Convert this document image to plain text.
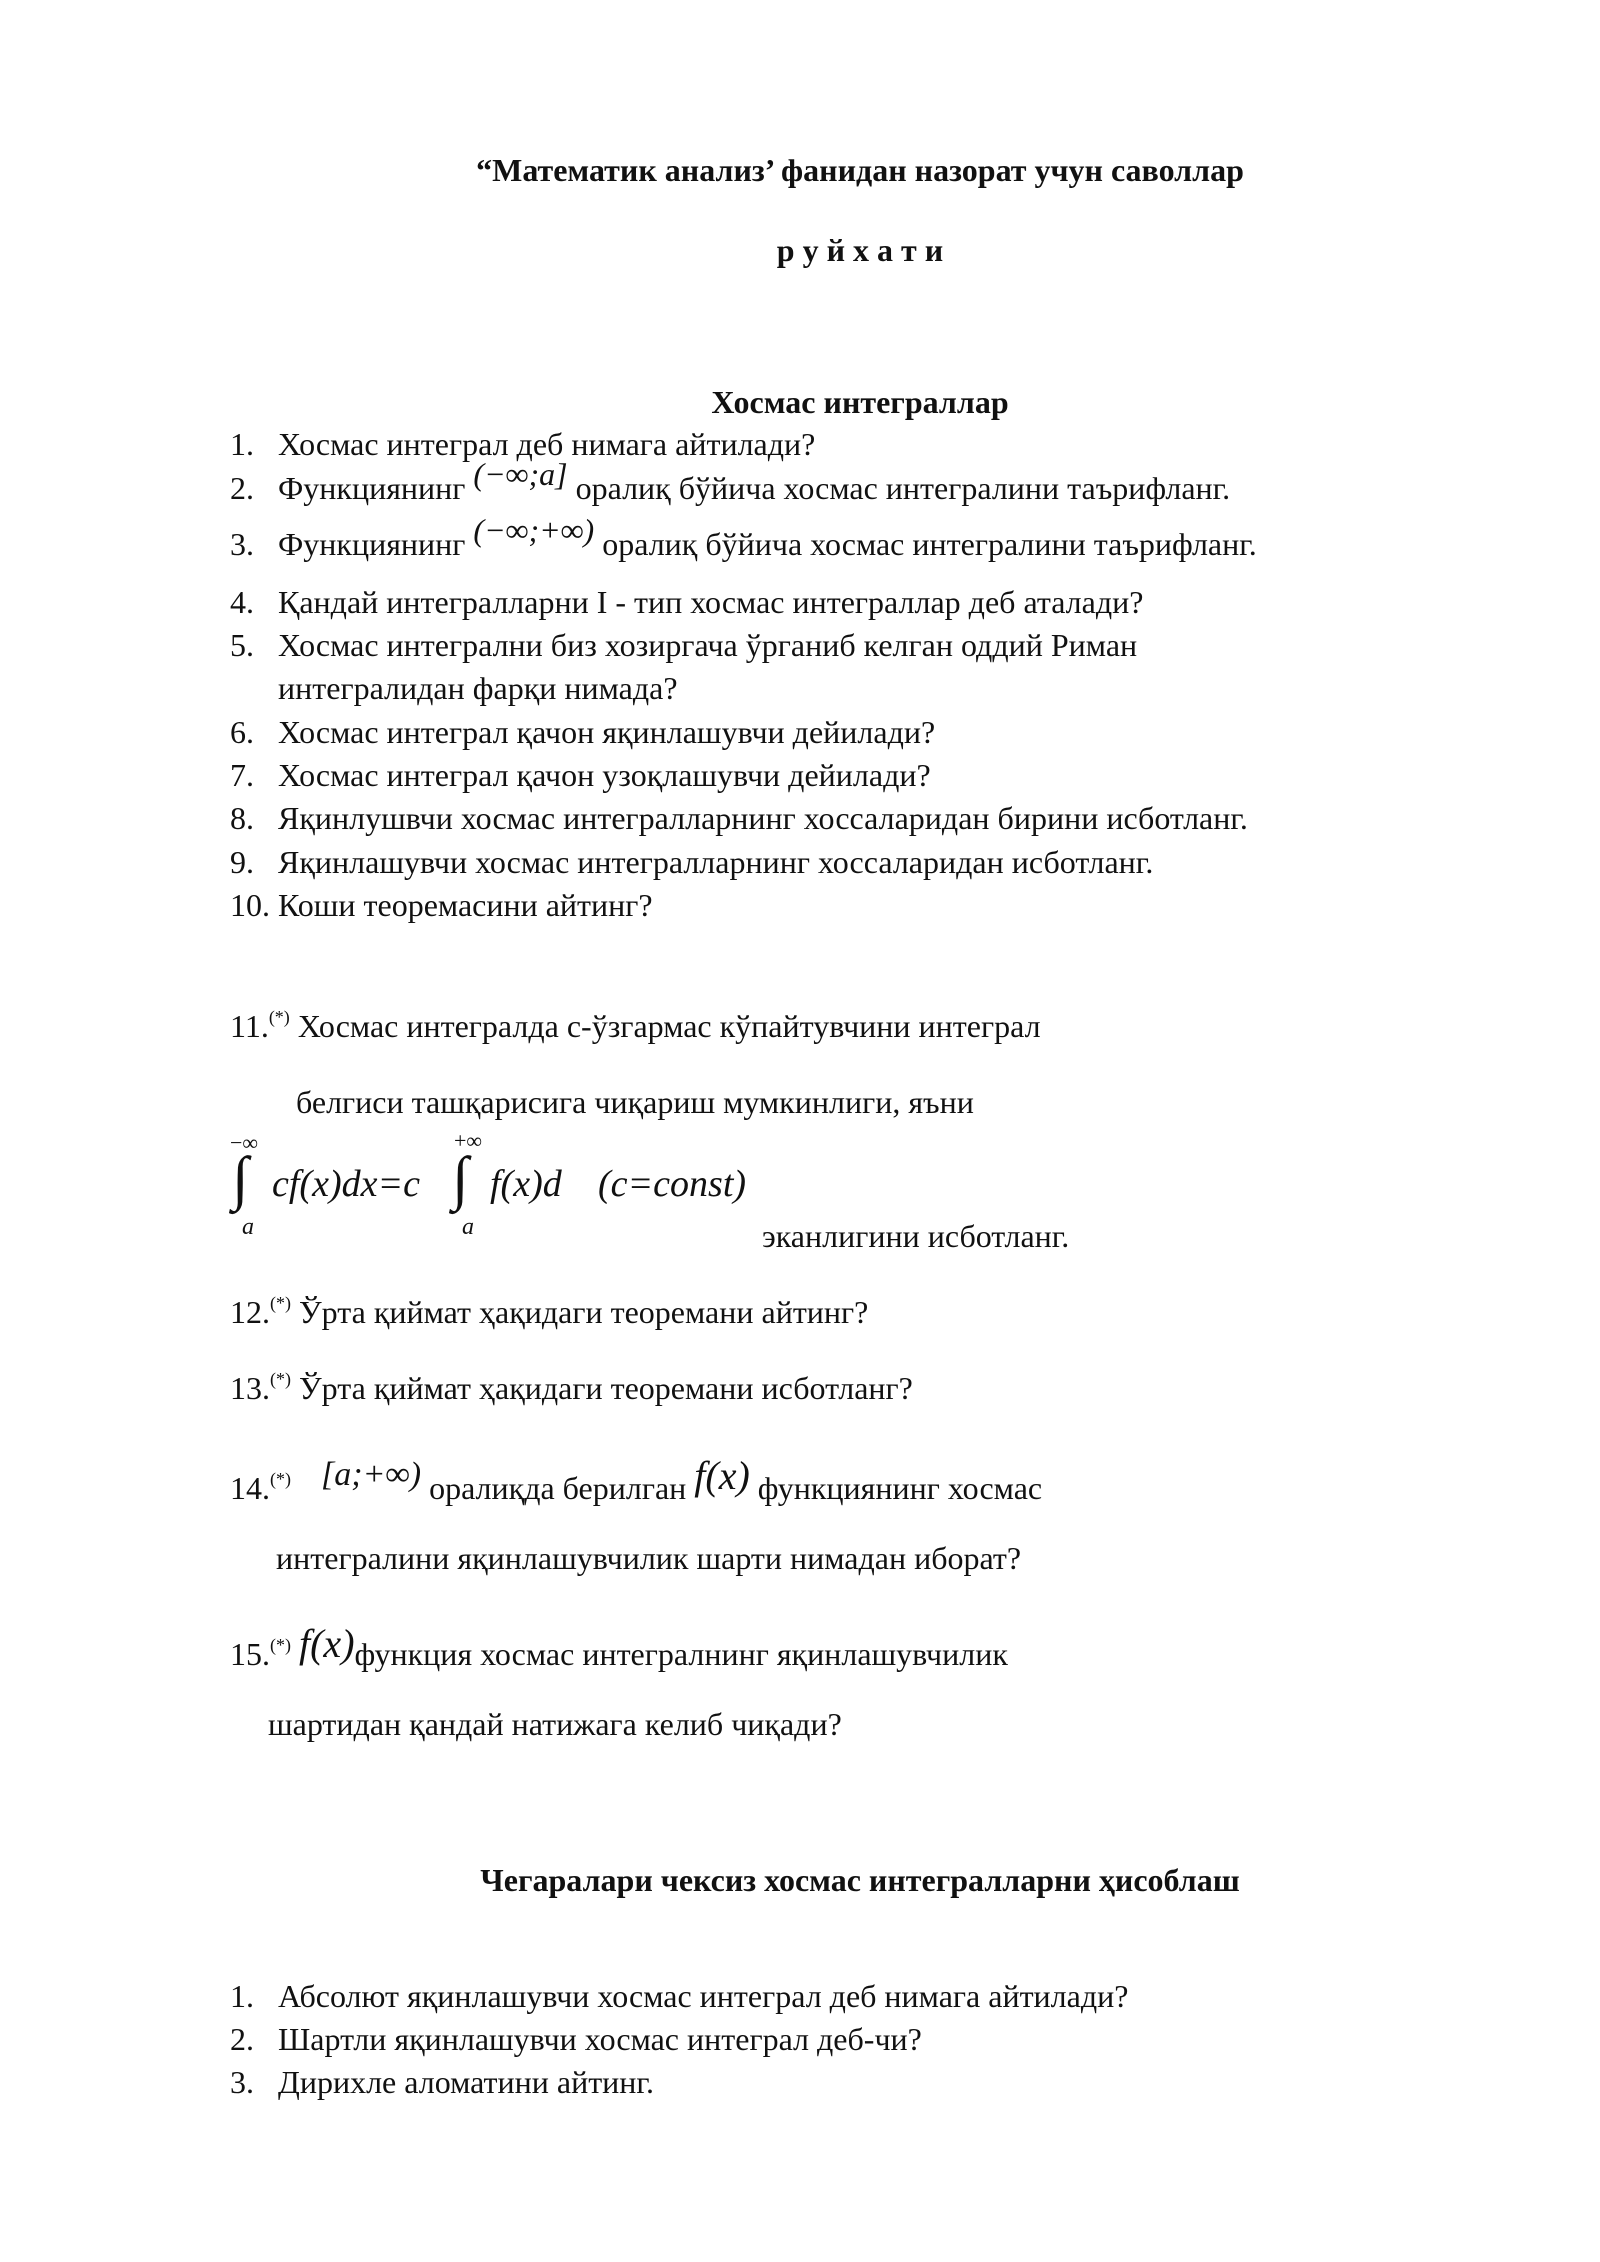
“Математик анализ’ фанидан назорат учун саволлар
р у й х а т и
Хосмас интеграллар
1. Хосмас интеграл деб нимага айтилади?
2. Функциянинг (−∞;a] оралиқ бўйича хосмас интегралини таърифланг.
3. Функциянинг (−∞;+∞) оралиқ бўйича хосмас интегралини таърифланг.
4. Қандай интегралларни I - тип хосмас интеграллар деб аталади?
5. Хосмас интегрални биз хозиргача ўрганиб келган оддий Риман
интегралидан фарқи нимада?
6. Хосмас интеграл қачон яқинлашувчи дейилади?
7. Хосмас интеграл қачон узоқлашувчи дейилади?
8. Яқинлушвчи хосмас интегралларнинг хоссаларидан бирини исботланг.
9. Яқинлашувчи хосмас интегралларнинг хоссаларидан исботланг.
10. Коши теоремасини айтинг?
11.(*) Хосмас интегралда с-ўзгармас кўпайтувчини интеграл
белгиси ташқарисига чиқариш мумкинлиги, яъни
−∞
∫
a
cf(x)dx=c
+∞
∫
a
f(x)d (c=const)
эканлигини исботланг.
12.(*) Ўрта қиймат ҳақидаги теоремани айтинг?
13.(*) Ўрта қиймат ҳақидаги теоремани исботланг?
14.(*) [a;+∞) оралиқда берилган f(x) функциянинг хосмас
интегралини яқинлашувчилик шарти нимадан иборат?
15.(*) f(x)функция хосмас интегралнинг яқинлашувчилик
шартидан қандай натижага келиб чиқади?
Чегаралари чексиз хосмас интегралларни ҳисоблаш
1. Абсолют яқинлашувчи хосмас интеграл деб нимага айтилади?
2. Шартли яқинлашувчи хосмас интеграл деб-чи?
3. Дирихле аломатини айтинг.
